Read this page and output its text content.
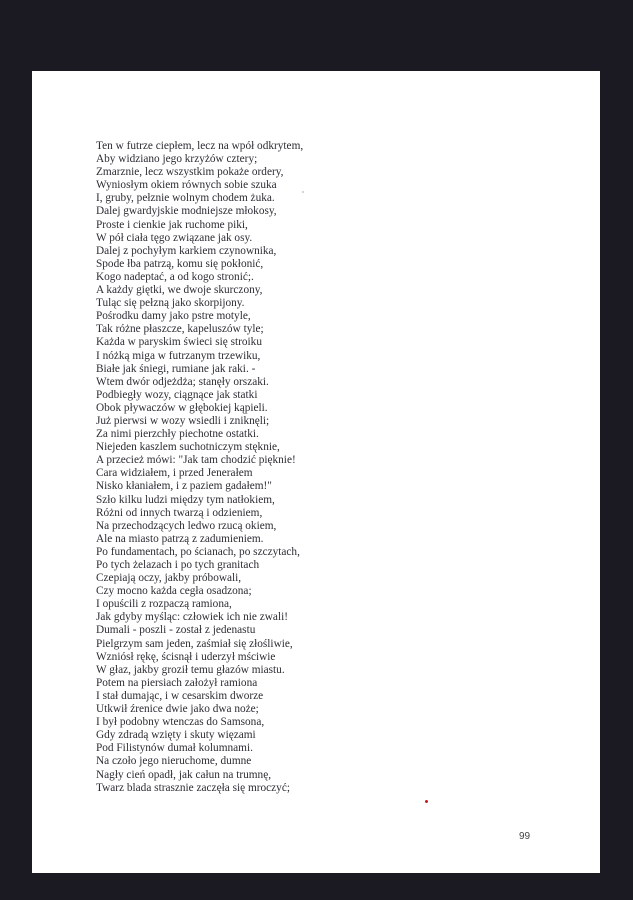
Ten w futrze ciepłem, lecz na wpół odkrytem,
Aby widziano jego krzyżów cztery;
Zmarznie, lecz wszystkim pokaże ordery,
Wyniosłym okiem równych sobie szuka
I, gruby, pełznie wolnym chodem żuka.
Dalej gwardyjskie modniejsze młokosy,
Proste i cienkie jak ruchome piki,
W pół ciała tęgo związane jak osy.
Dalej z pochyłym karkiem czynownika,
Spode łba patrzą, komu się pokłonić,
Kogo nadeptać, a od kogo stronić;.
A każdy giętki, we dwoje skurczony,
Tuląc się pełzną jako skorpijony.
Pośrodku damy jako pstre motyle,
Tak różne płaszcze, kapeluszów tyle;
Każda w paryskim świeci się stroiku
I nóżką miga w futrzanym trzewiku,
Białe jak śniegi, rumiane jak raki. -
Wtem dwór odjeżdża; stanęły orszaki.
Podbiegły wozy, ciągnące jak statki
Obok pływaczów w głębokiej kąpieli.
Już pierwsi w wozy wsiedli i zniknęli;
Za nimi pierzchły piechotne ostatki.
Niejeden kaszlem suchotniczym stęknie,
A przecież mówi: "Jak tam chodzić pięknie!
Cara widziałem, i przed Jenerałem
Nisko kłaniałem, i z paziem gadałem!"
Szło kilku ludzi między tym natłokiem,
Różni od innych twarzą i odzieniem,
Na przechodzących ledwo rzucą okiem,
Ale na miasto patrzą z zadumieniem.
Po fundamentach, po ścianach, po szczytach,
Po tych żelazach i po tych granitach
Czepiają oczy, jakby próbowali,
Czy mocno każda cegła osadzona;
I opuścili z rozpaczą ramiona,
Jak gdyby myśląc: człowiek ich nie zwali!
Dumali - poszli - został z jedenastu
Pielgrzym sam jeden, zaśmiał się złośliwie,
Wzniósł rękę, ścisnął i uderzył mściwie
W głaz, jakby groził temu głazów miastu.
Potem na piersiach założył ramiona
I stał dumając, i w cesarskim dworze
Utkwił źrenice dwie jako dwa noże;
I był podobny wtenczas do Samsona,
Gdy zdradą wzięty i skuty więzami
Pod Filistynów dumał kolumnami.
Na czoło jego nieruchome, dumne
Nagły cień opadł, jak całun na trumnę,
Twarz blada strasznie zaczęła się mroczyć;
99
